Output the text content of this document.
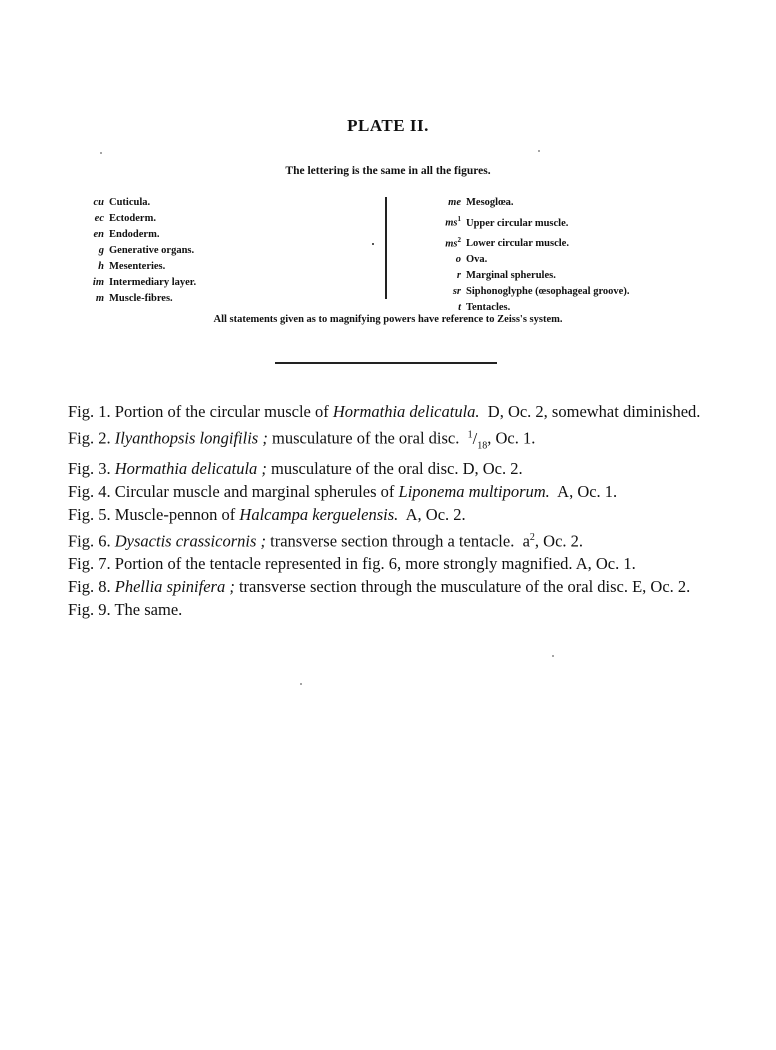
PLATE II.
The lettering is the same in all the figures.
cu Cuticula.
ec Ectoderm.
en Endoderm.
g Generative organs.
h Mesenteries.
im Intermediary layer.
m Muscle-fibres.
me Mesoglœa.
$ms^1$ Upper circular muscle.
$ms^2$ Lower circular muscle.
o Ova.
r Marginal spherules.
sr Siphonoglyphe (œsophageal groove).
t Tentacles.
All statements given as to magnifying powers have reference to Zeiss's system.

Fig. 1. Portion of the circular muscle of Hormathia delicatula. D, Oc. 2, somewhat diminished.

Fig. 2. Ilyanthopsis longifilis ; musculature of the oral disc. $^1/_{18}$, Oc. 1.

Fig. 3. Hormathia delicatula ; musculature of the oral disc. D, Oc. 2.

Fig. 4. Circular muscle and marginal spherules of Liponema multiporum. A, Oc. 1.

Fig. 5. Muscle-pennon of Halcampa kerguelensis. A, Oc. 2.

Fig. 6. Dysactis crassicornis ; transverse section through a tentacle. $a^2$, Oc. 2.

Fig. 7. Portion of the tentacle represented in fig. 6, more strongly magnified. A, Oc. 1.

Fig. 8. Phellia spinifera ; transverse section through the musculature of the oral disc. E, Oc. 2.

Fig. 9. The same.
